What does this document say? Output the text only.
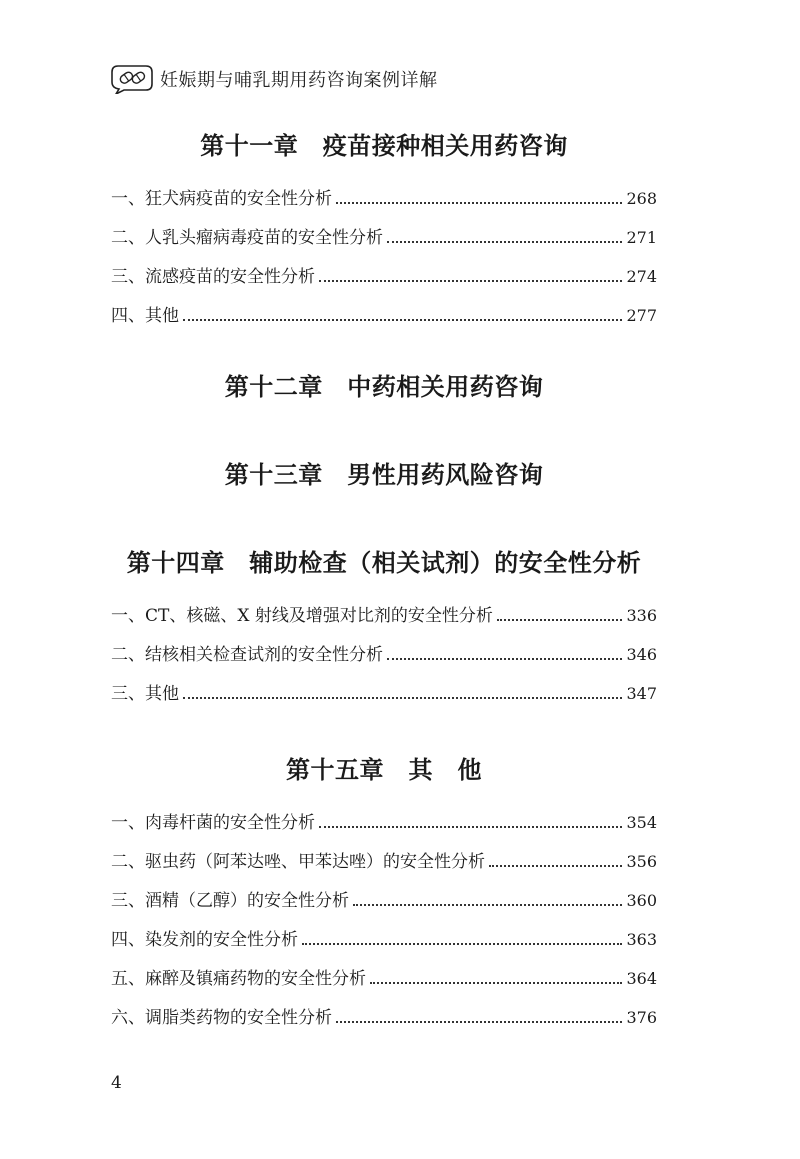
妊娠期与哺乳期用药咨询案例详解
第十一章　疫苗接种相关用药咨询
一、狂犬病疫苗的安全性分析	268
二、人乳头瘤病毒疫苗的安全性分析	271
三、流感疫苗的安全性分析	274
四、其他	277
第十二章　中药相关用药咨询
第十三章　男性用药风险咨询
第十四章　辅助检查（相关试剂）的安全性分析
一、CT、核磁、X 射线及增强对比剂的安全性分析	336
二、结核相关检查试剂的安全性分析	346
三、其他	347
第十五章　其　他
一、肉毒杆菌的安全性分析	354
二、驱虫药（阿苯达唑、甲苯达唑）的安全性分析	356
三、酒精（乙醇）的安全性分析	360
四、染发剂的安全性分析	363
五、麻醉及镇痛药物的安全性分析	364
六、调脂类药物的安全性分析	376
4
